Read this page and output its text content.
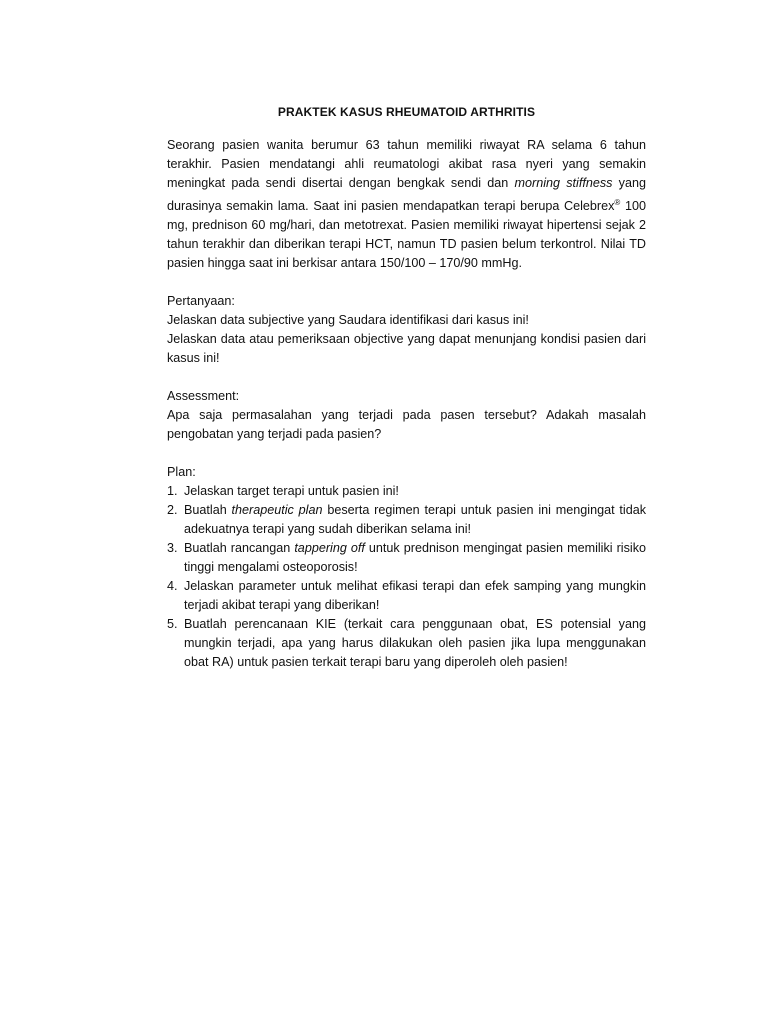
PRAKTEK KASUS RHEUMATOID ARTHRITIS

Seorang pasien wanita berumur 63 tahun memiliki riwayat RA selama 6 tahun terakhir. Pasien mendatangi ahli reumatologi akibat rasa nyeri yang semakin meningkat pada sendi disertai dengan bengkak sendi dan morning stiffness yang durasinya semakin lama. Saat ini pasien mendapatkan terapi berupa Celebrex® 100 mg, prednison 60 mg/hari, dan metotrexat. Pasien memiliki riwayat hipertensi sejak 2 tahun terakhir dan diberikan terapi HCT, namun TD pasien belum terkontrol. Nilai TD pasien hingga saat ini berkisar antara 150/100 – 170/90 mmHg.

Pertanyaan:

Jelaskan data subjective yang Saudara identifikasi dari kasus ini!

Jelaskan data atau pemeriksaan objective yang dapat menunjang kondisi pasien dari kasus ini!

Assessment:

Apa saja permasalahan yang terjadi pada pasen tersebut? Adakah masalah pengobatan yang terjadi pada pasien?

Plan:

1. Jelaskan target terapi untuk pasien ini!
2. Buatlah therapeutic plan beserta regimen terapi untuk pasien ini mengingat tidak adekuatnya terapi yang sudah diberikan selama ini!
3. Buatlah rancangan tappering off untuk prednison mengingat pasien memiliki risiko tinggi mengalami osteoporosis!
4. Jelaskan parameter untuk melihat efikasi terapi dan efek samping yang mungkin terjadi akibat terapi yang diberikan!
5. Buatlah perencanaan KIE (terkait cara penggunaan obat, ES potensial yang mungkin terjadi, apa yang harus dilakukan oleh pasien jika lupa menggunakan obat RA) untuk pasien terkait terapi baru yang diperoleh oleh pasien!
